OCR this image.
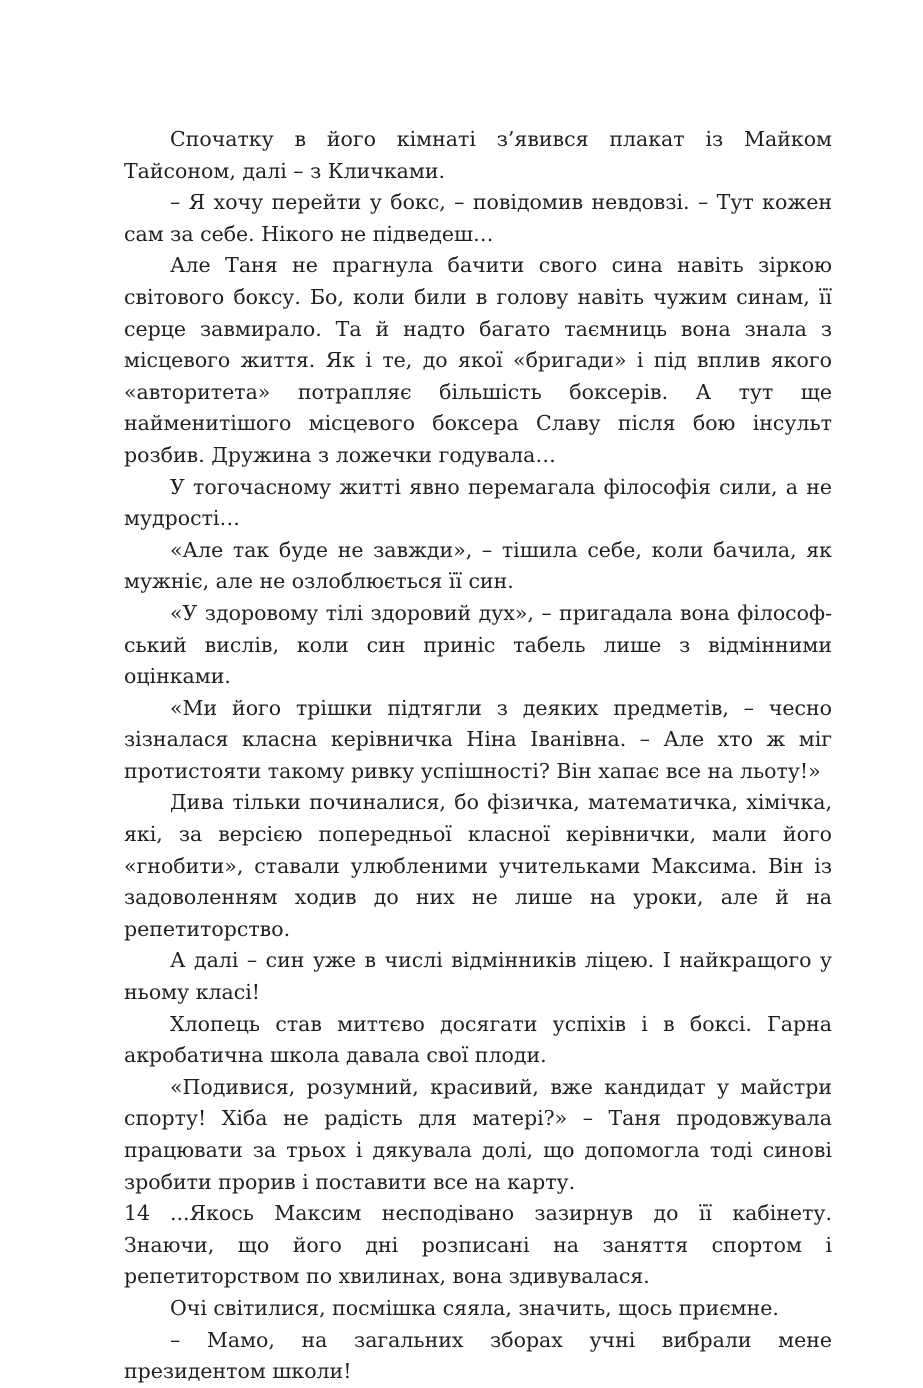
Спочатку в його кімнаті з’явився плакат із Майком Тайсоном, далі – з Кличками.

– Я хочу перейти у бокс, – повідомив невдовзі. – Тут кожен сам за себе. Нікого не підведеш…

Але Таня не прагнула бачити свого сина навіть зіркою світового боксу. Бо, коли били в голову навіть чужим синам, її серце завмирало. Та й надто багато таємниць вона знала з місцевого життя. Як і те, до якої «бригади» і під вплив якого «авторитета» потрапляє більшість боксерів. А тут ще найменитішого місцевого боксера Славу після бою інсульт розбив. Дружина з ложечки годувала…

У тогочасному житті явно перемагала філософія сили, а не мудрості…

«Але так буде не завжди», – тішила себе, коли бачила, як мужніє, але не озлоблюється її син.

«У здоровому тілі здоровий дух», – пригадала вона філософський вислів, коли син приніс табель лише з відмінними оцінками.

«Ми його трішки підтягли з деяких предметів, – чесно зізналася класна керівничка Ніна Іванівна. – Але хто ж міг протистояти такому ривку успішності? Він хапає все на льоту!»

Дива тільки починалися, бо фізичка, математичка, хімічка, які, за версією попередньої класної керівнички, мали його «гнобити», ставали улюбленими учительками Максима. Він із задоволенням ходив до них не лише на уроки, але й на репетиторство.

А далі – син уже в числі відмінників ліцею. І найкращого у ньому класі!

Хлопець став миттєво досягати успіхів і в боксі. Гарна акробатична школа давала свої плоди.

«Подивися, розумний, красивий, вже кандидат у майстри спорту! Хіба не радість для матері?» – Таня продовжувала працювати за трьох і дякувала долі, що допомогла тоді синові зробити прорив і поставити все на карту.

...Якось Максим несподівано зазирнув до її кабінету. Знаючи, що його дні розписані на заняття спортом і репетиторством по хвилинах, вона здивувалася.

Очі світилися, посмішка сяяла, значить, щось приємне.

– Мамо, на загальних зборах учні вибрали мене президентом школи!

14
